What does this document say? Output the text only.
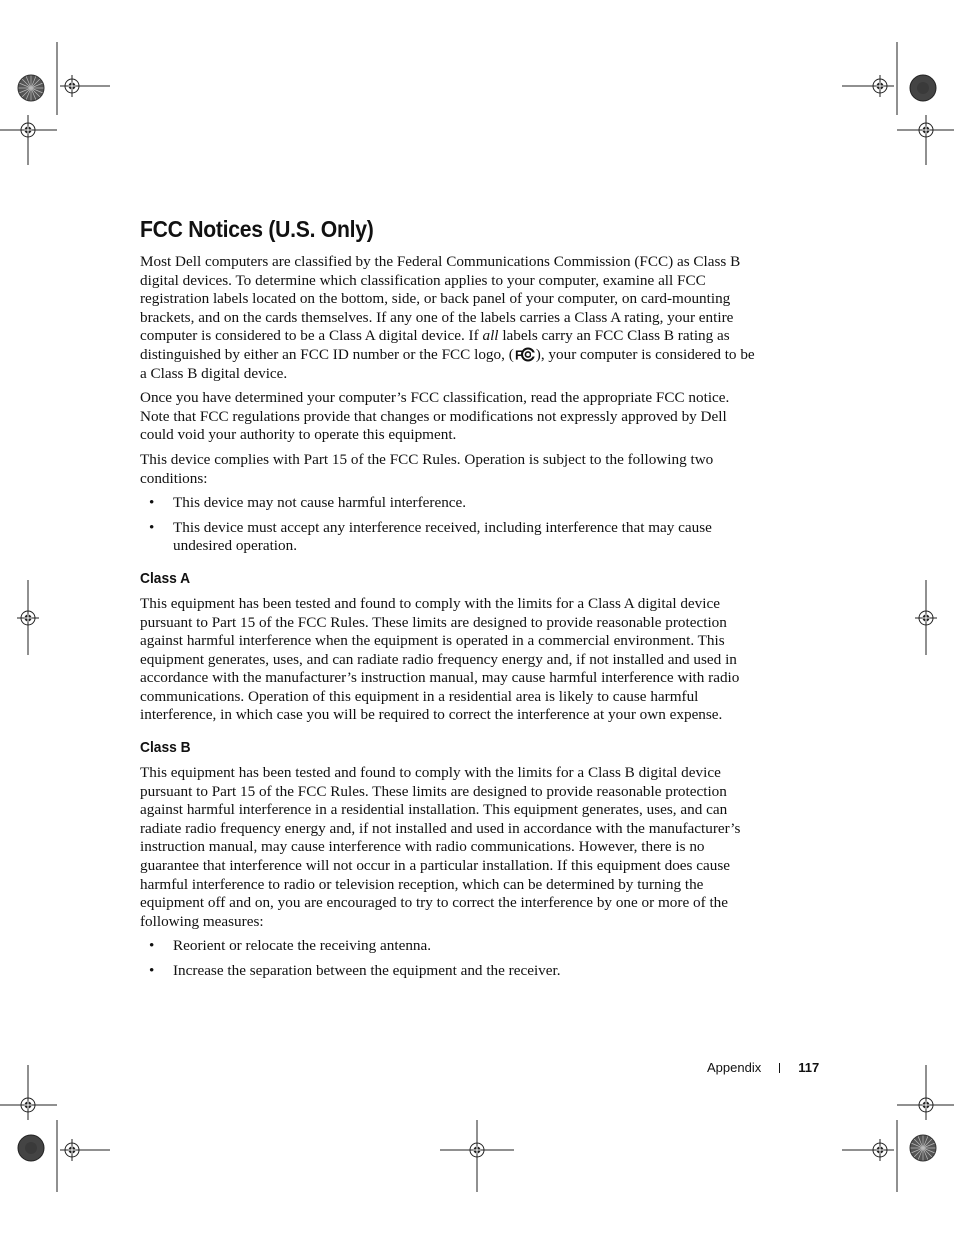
FCC Notices (U.S. Only)

Most Dell computers are classified by the Federal Communications Commission (FCC) as Class B digital devices. To determine which classification applies to your computer, examine all FCC registration labels located on the bottom, side, or back panel of your computer, on card-mounting brackets, and on the cards themselves. If any one of the labels carries a Class A rating, your entire computer is considered to be a Class A digital device. If all labels carry an FCC Class B rating as distinguished by either an FCC ID number or the FCC logo, ( F ), your computer is considered to be a Class B digital device.

Once you have determined your computer’s FCC classification, read the appropriate FCC notice. Note that FCC regulations provide that changes or modifications not expressly approved by Dell could void your authority to operate this equipment.

This device complies with Part 15 of the FCC Rules. Operation is subject to the following two conditions:

• This device may not cause harmful interference.
• This device must accept any interference received, including interference that may cause undesired operation.
Class A

This equipment has been tested and found to comply with the limits for a Class A digital device pursuant to Part 15 of the FCC Rules. These limits are designed to provide reasonable protection against harmful interference when the equipment is operated in a commercial environment. This equipment generates, uses, and can radiate radio frequency energy and, if not installed and used in accordance with the manufacturer’s instruction manual, may cause harmful interference with radio communications. Operation of this equipment in a residential area is likely to cause harmful interference, in which case you will be required to correct the interference at your own expense.

Class B

This equipment has been tested and found to comply with the limits for a Class B digital device pursuant to Part 15 of the FCC Rules. These limits are designed to provide reasonable protection against harmful interference in a residential installation. This equipment generates, uses, and can radiate radio frequency energy and, if not installed and used in accordance with the manufacturer’s instruction manual, may cause interference with radio communications. However, there is no guarantee that interference will not occur in a particular installation. If this equipment does cause harmful interference to radio or television reception, which can be determined by turning the equipment off and on, you are encouraged to try to correct the interference by one or more of the following measures:

• Reorient or relocate the receiving antenna.
• Increase the separation between the equipment and the receiver.
Appendix	117
